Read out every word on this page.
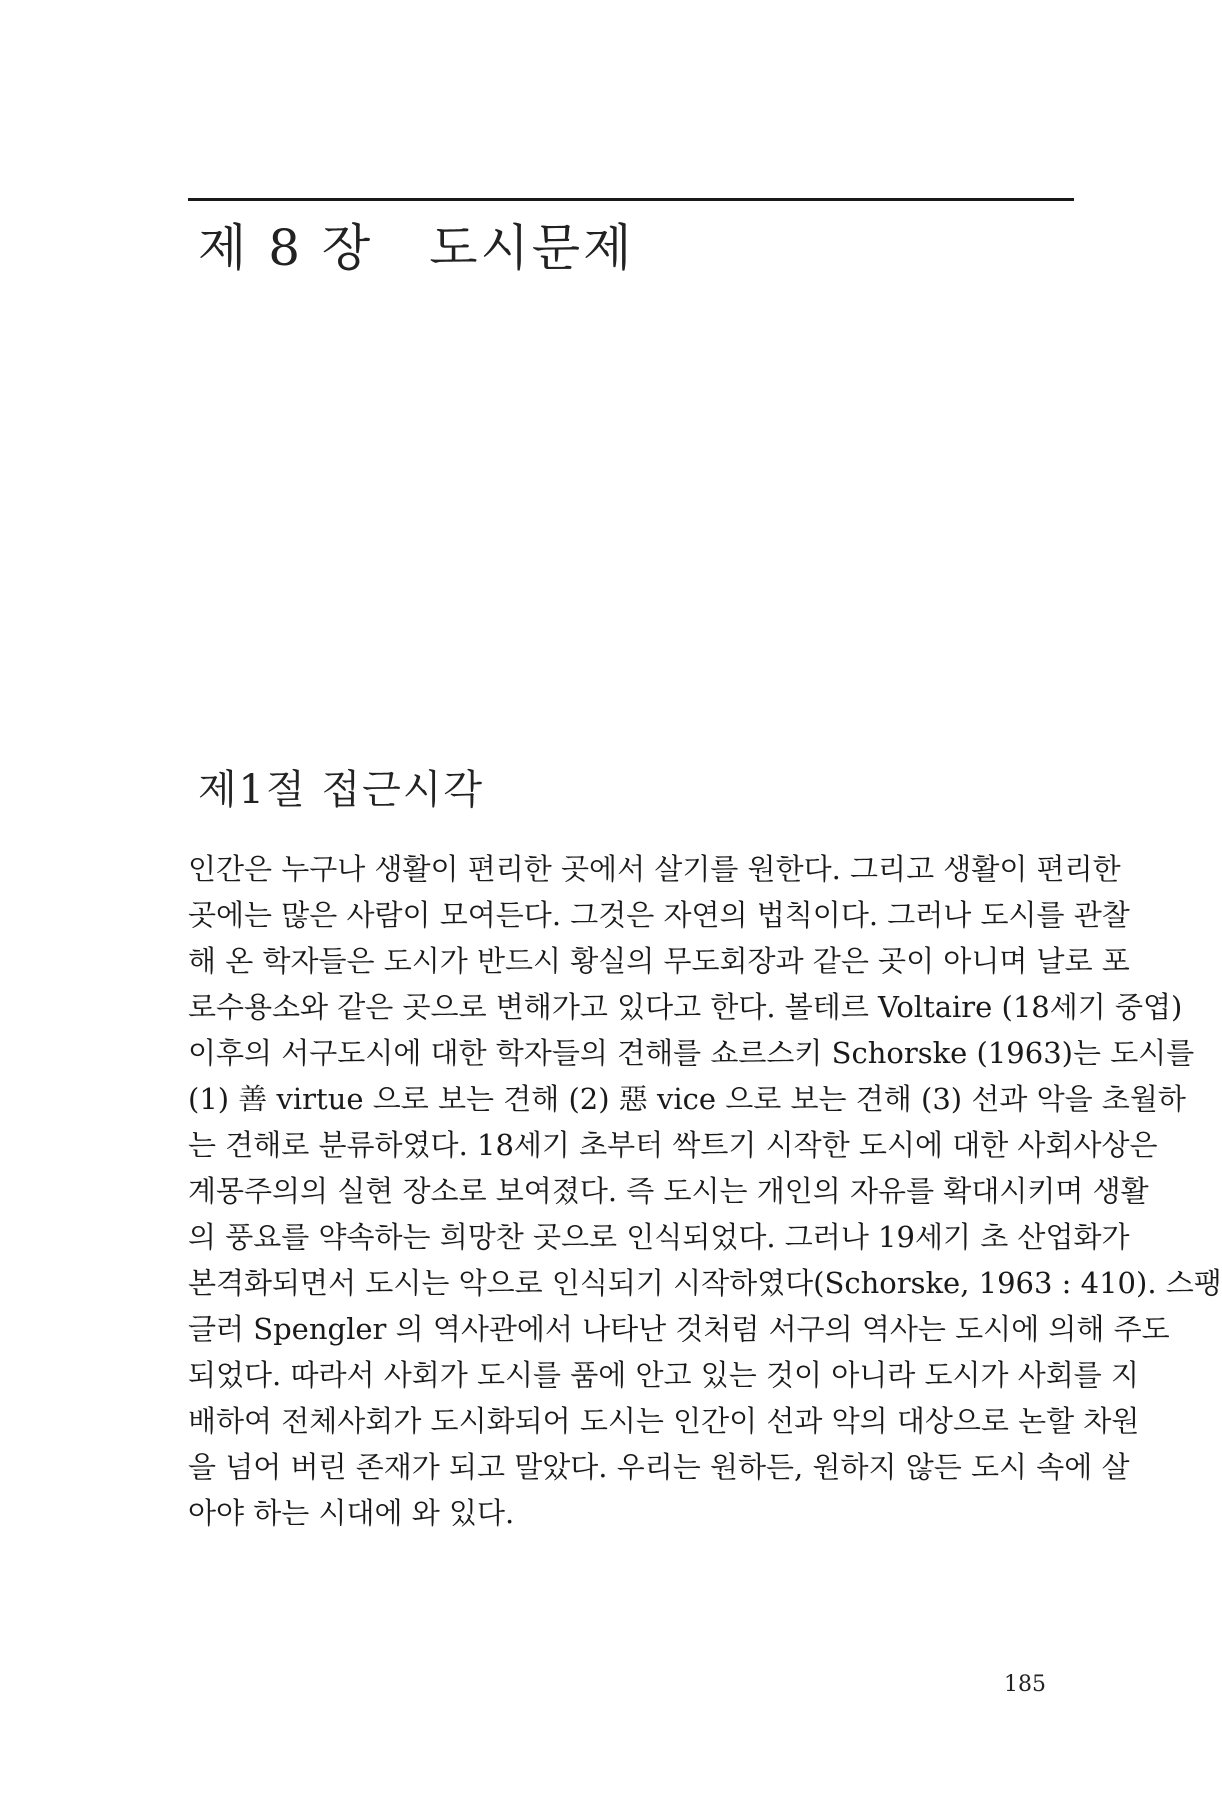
제 8 장 도시문제
제1절 접근시각
인간은 누구나 생활이 편리한 곳에서 살기를 원한다. 그리고 생활이 편리한
곳에는 많은 사람이 모여든다. 그것은 자연의 법칙이다. 그러나 도시를 관찰
해 온 학자들은 도시가 반드시 황실의 무도회장과 같은 곳이 아니며 날로 포
로수용소와 같은 곳으로 변해가고 있다고 한다. 볼테르 Voltaire (18세기 중엽)
이후의 서구도시에 대한 학자들의 견해를 쇼르스키 Schorske (1963)는 도시를
(1) 善 virtue 으로 보는 견해 (2) 惡 vice 으로 보는 견해 (3) 선과 악을 초월하
는 견해로 분류하였다. 18세기 초부터 싹트기 시작한 도시에 대한 사회사상은
계몽주의의 실현 장소로 보여졌다. 즉 도시는 개인의 자유를 확대시키며 생활
의 풍요를 약속하는 희망찬 곳으로 인식되었다. 그러나 19세기 초 산업화가
본격화되면서 도시는 악으로 인식되기 시작하였다(Schorske, 1963 : 410). 스팽
글러 Spengler 의 역사관에서 나타난 것처럼 서구의 역사는 도시에 의해 주도
되었다. 따라서 사회가 도시를 품에 안고 있는 것이 아니라 도시가 사회를 지
배하여 전체사회가 도시화되어 도시는 인간이 선과 악의 대상으로 논할 차원
을 넘어 버린 존재가 되고 말았다. 우리는 원하든, 원하지 않든 도시 속에 살
아야 하는 시대에 와 있다.
185
